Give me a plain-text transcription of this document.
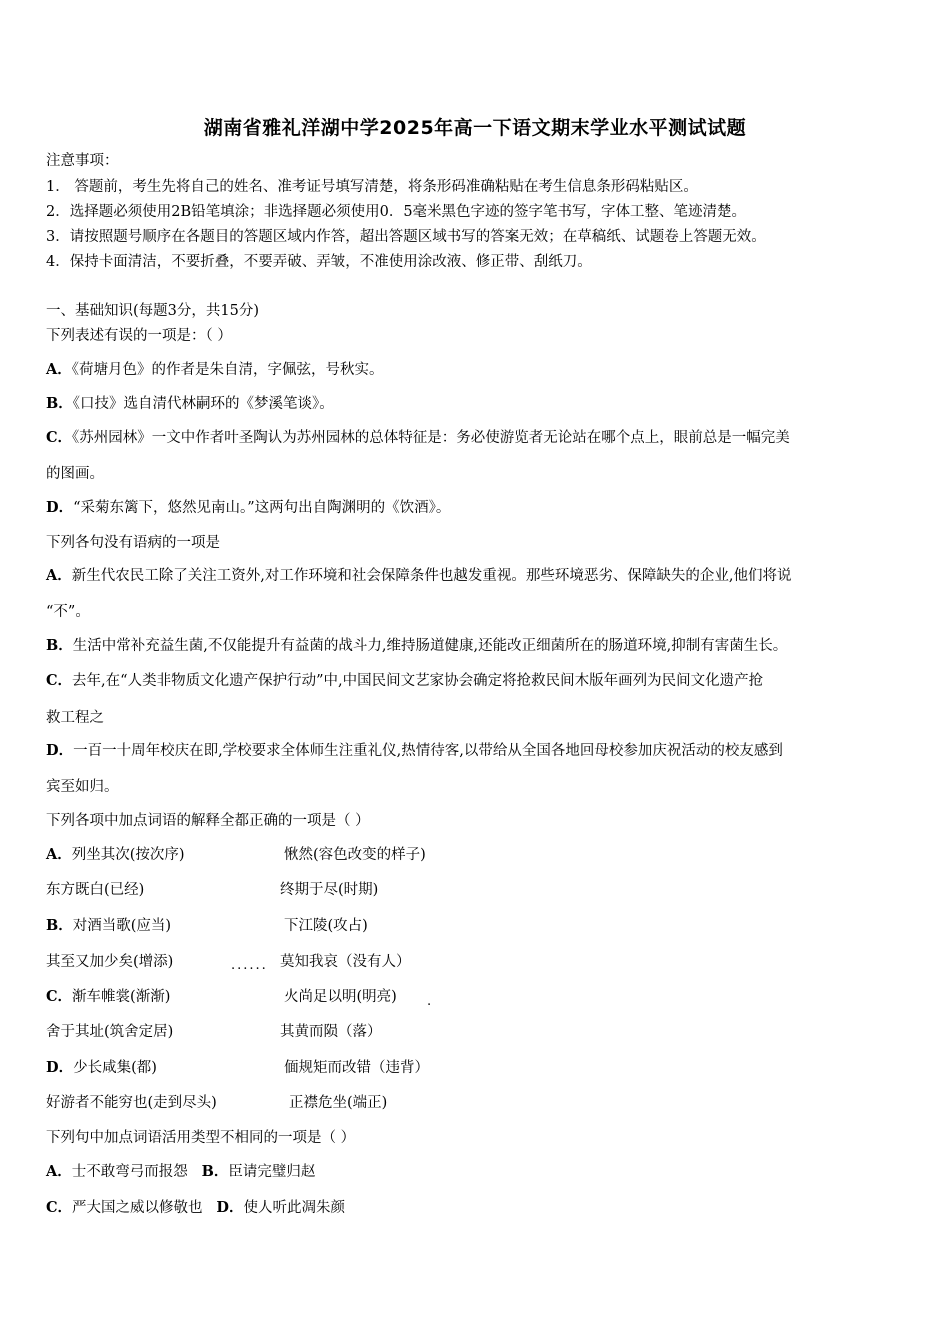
湖南省雅礼洋湖中学2025年高一下语文期末学业水平测试试题
注意事项：
1． 答题前，考生先将自己的姓名、准考证号填写清楚，将条形码准确粘贴在考生信息条形码粘贴区。
2．选择题必须使用2B铅笔填涂；非选择题必须使用0．5毫米黑色字迹的签字笔书写，字体工整、笔迹清楚。
3．请按照题号顺序在各题目的答题区域内作答，超出答题区域书写的答案无效；在草稿纸、试题卷上答题无效。
4．保持卡面清洁，不要折叠，不要弄破、弄皱，不准使用涂改液、修正带、刮纸刀。
一、基础知识(每题3分，共15分)
下列表述有误的一项是：（ ）
A．《荷塘月色》的作者是朱自清，字佩弦，号秋实。
B．《口技》选自清代林嗣环的《梦溪笔谈》。
C．《苏州园林》一文中作者叶圣陶认为苏州园林的总体特征是：务必使游览者无论站在哪个点上，眼前总是一幅完美
的图画。
D．“采菊东篱下，悠然见南山。”这两句出自陶渊明的《饮酒》。
下列各句没有语病的一项是
A．新生代农民工除了关注工资外,对工作环境和社会保障条件也越发重视。那些环境恶劣、保障缺失的企业,他们将说
“不”。
B．生活中常补充益生菌,不仅能提升有益菌的战斗力,维持肠道健康,还能改正细菌所在的肠道环境,抑制有害菌生长。
C．去年,在“人类非物质文化遗产保护行动”中,中国民间文艺家协会确定将抢救民间木版年画列为民间文化遗产抢
救工程之
D．一百一十周年校庆在即,学校要求全体师生注重礼仪,热情待客,以带给从全国各地回母校参加庆祝活动的校友感到
宾至如归。
下列各项中加点词语的解释全都正确的一项是（ ）
A．列坐其次(按次序)	愀然(容色改变的样子)
东方既白(已经)	终期于尽(时期)
B．对酒当歌(应当)	下江陵(攻占)
其至又加少矣(增添)	...... 莫知我哀（没有人）
C．渐车帷裳(渐渐)	火尚足以明(明亮) .
舍于其址(筑舍定居)	其黄而陨（落）
D．少长咸集(都)	偭规矩而改错（违背）
好游者不能穷也(走到尽头)	正襟危坐(端正)
下列句中加点词语活用类型不相同的一项是（ ）
A．士不敢弯弓而报怨 B．臣请完璧归赵
C．严大国之威以修敬也 D．使人听此凋朱颜
